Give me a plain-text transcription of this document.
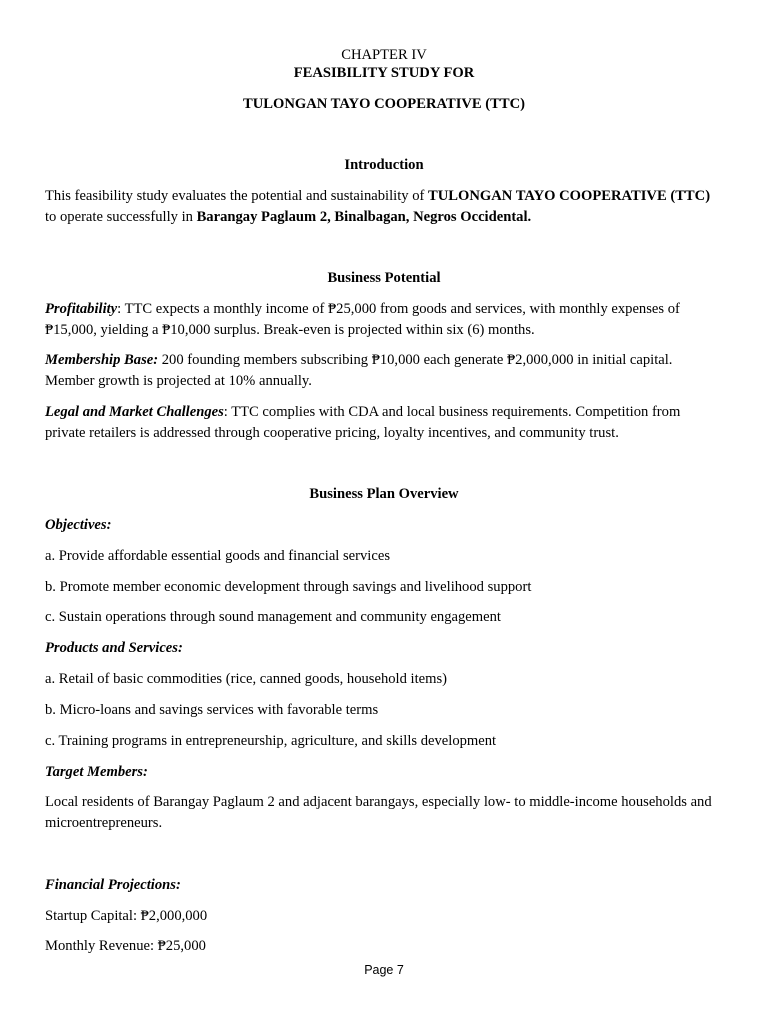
CHAPTER IV

FEASIBILITY STUDY FOR

TULONGAN TAYO COOPERATIVE (TTC)

Introduction

This feasibility study evaluates the potential and sustainability of TULONGAN TAYO COOPERATIVE (TTC) to operate successfully in Barangay Paglaum 2, Binalbagan, Negros Occidental.

Business Potential

Profitability: TTC expects a monthly income of ₱25,000 from goods and services, with monthly expenses of ₱15,000, yielding a ₱10,000 surplus. Break-even is projected within six (6) months.

Membership Base: 200 founding members subscribing ₱10,000 each generate ₱2,000,000 in initial capital. Member growth is projected at 10% annually.

Legal and Market Challenges: TTC complies with CDA and local business requirements. Competition from private retailers is addressed through cooperative pricing, loyalty incentives, and community trust.

Business Plan Overview

Objectives:

a. Provide affordable essential goods and financial services

b. Promote member economic development through savings and livelihood support

c. Sustain operations through sound management and community engagement

Products and Services:

a. Retail of basic commodities (rice, canned goods, household items)

b. Micro-loans and savings services with favorable terms

c. Training programs in entrepreneurship, agriculture, and skills development

Target Members:

Local residents of Barangay Paglaum 2 and adjacent barangays, especially low- to middle-income households and microentrepreneurs.

Financial Projections:

Startup Capital: ₱2,000,000

Monthly Revenue: ₱25,000

Page 7
